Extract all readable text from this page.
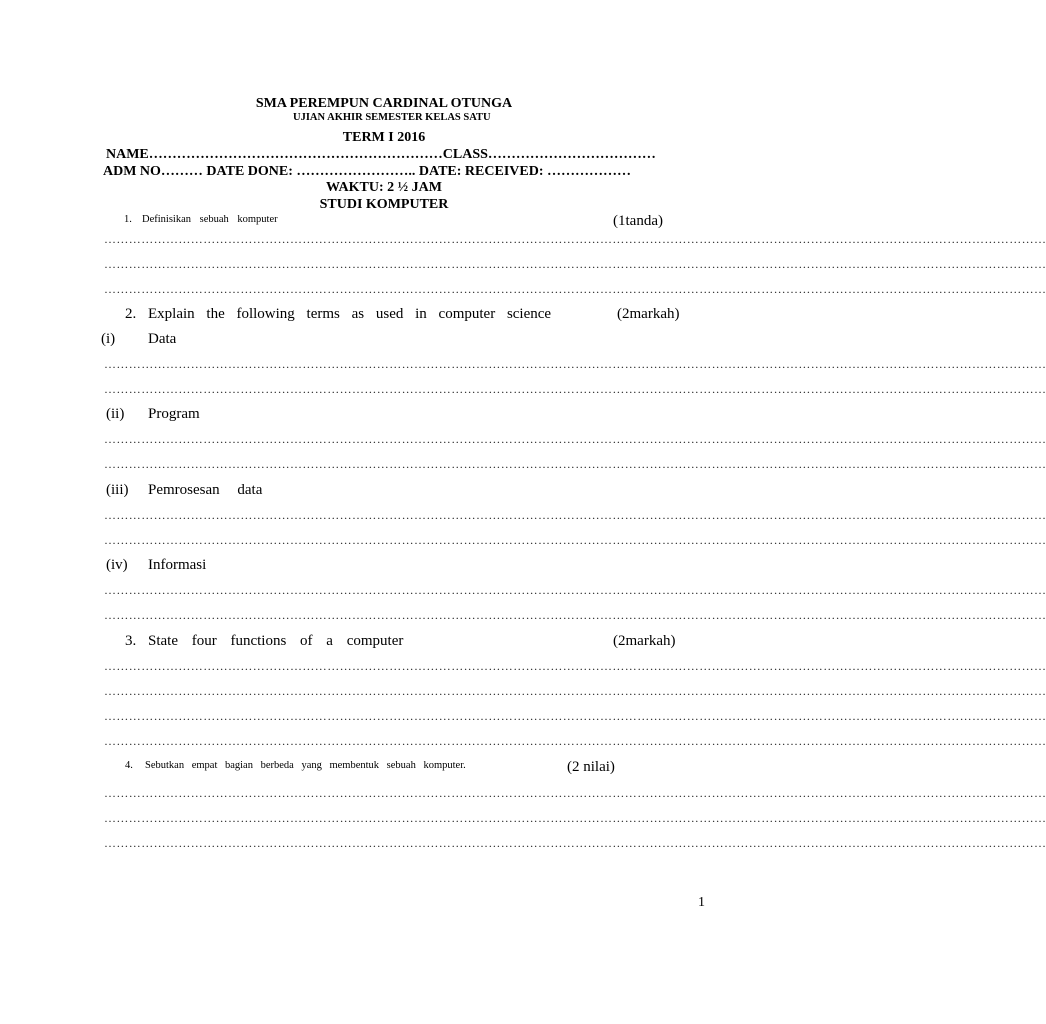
SMA PEREMPUN CARDINAL OTUNGA
UJIAN AKHIR SEMESTER KELAS SATU
TERM I 2016
NAME………………………………………………………CLASS………………………………
ADM NO……… DATE DONE: …………………….. DATE: RECEIVED: ………………
WAKTU: 2 ½ JAM
STUDI KOMPUTER
1. Definisikan sebuah komputer	(1tanda)
…………………………………………………………………………………………………………………………………………………………………………………………………………
…………………………………………………………………………………………………………………………………………………………………………………………………………
…………………………………………………………………………………………………………………………………………………………………………………………………………
2. Explain the following terms as used in computer science	(2markah)
(i) Data
…………………………………………………………………………………………………………………………………………………………………………………………………………
…………………………………………………………………………………………………………………………………………………………………………………………………………
(ii) Program
…………………………………………………………………………………………………………………………………………………………………………………………………………
…………………………………………………………………………………………………………………………………………………………………………………………………………
(iii) Pemrosesan data
…………………………………………………………………………………………………………………………………………………………………………………………………………
…………………………………………………………………………………………………………………………………………………………………………………………………………
(iv) Informasi
…………………………………………………………………………………………………………………………………………………………………………………………………………
…………………………………………………………………………………………………………………………………………………………………………………………………………
3. State four functions of a computer	(2markah)
…………………………………………………………………………………………………………………………………………………………………………………………………………
…………………………………………………………………………………………………………………………………………………………………………………………………………
…………………………………………………………………………………………………………………………………………………………………………………………………………
…………………………………………………………………………………………………………………………………………………………………………………………………………
4. Sebutkan empat bagian berbeda yang membentuk sebuah komputer.	(2 nilai)
…………………………………………………………………………………………………………………………………………………………………………………………………………
…………………………………………………………………………………………………………………………………………………………………………………………………………
…………………………………………………………………………………………………………………………………………………………………………………………………………
1
